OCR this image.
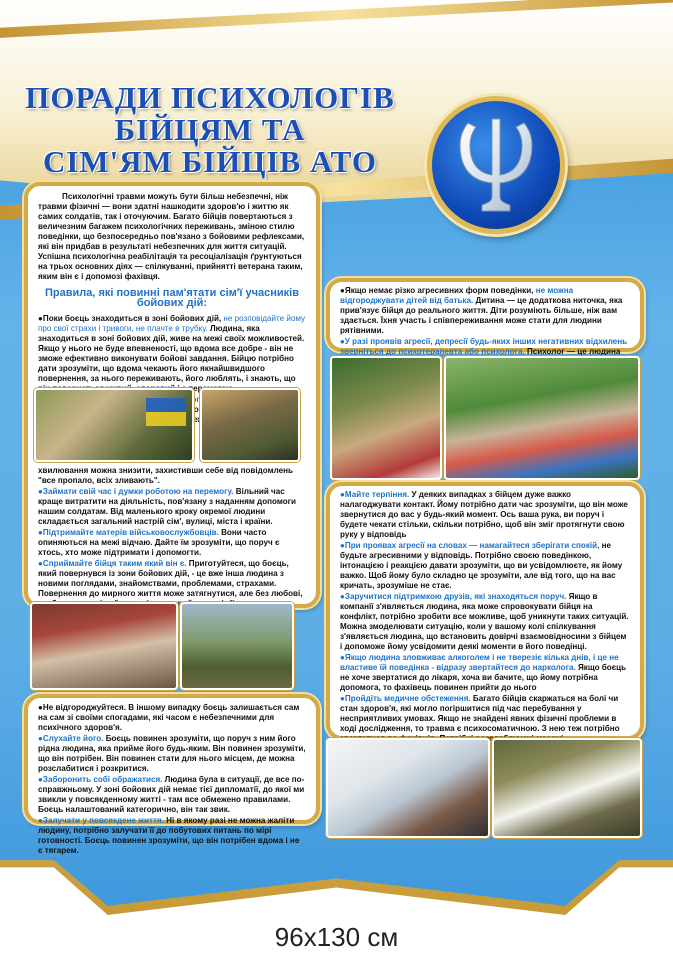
ПОРАДИ ПСИХОЛОГІВ
БІЙЦЯМ ТА
СІМ'ЯМ БІЙЦІВ АТО

Психологічні травми можуть бути більш небезпечні, ніж травми фізичні — вони здатні нашкодити здоров'ю і життю як самих солдатів, так і оточуючим. Багато бійців повертаються з величезним багажем психологічних переживань, зміною стилю поведінки, що безпосередньо пов'язано з бойовими рефлексами, які він придбав в результаті небезпечних для життя ситуацій. Успішна психологічна реабілітація та ресоціалізація ґрунтуються на трьох основних діях — спілкуванні, прийнятті ветерана таким, яким він є і допомозі фахівця.

Правила, які повинні пам'ятати сім'ї учасників бойових дій:

●Поки боєць знаходиться в зоні бойових дій, не розповідайте йому про свої страхи і тривоги, не плачте в трубку. Людина, яка знаходиться в зоні бойових дій, живе на межі своїх можливостей. Якщо у нього не буде впевненості, що вдома все добре - він не зможе ефективно виконувати бойові завдання. Бійцю потрібно дати зрозуміти, що вдома чекають його якнайшвидшого повернення, за нього переживають, його люблять, і знають, що

хвилювання можна знизити, захистивши себе від повідомлень "все пропало, всіх зливають".

●Займати свій час і думки роботою на перемогу. Вільний час краще витратити на діяльність, пов'язану з наданням допомоги нашим солдатам. Від маленького кроку окремої людини складається загальний настрій сім', вулиці, міста і країни.

●Підтримайте матерів військовослужбовців. Вони часто опиняються на межі відчаю. Дайте їм зрозуміти, що поруч є хтось, хто може підтримати і допомогти.

●Сприймайте бійця таким який він є. Приготуйтеся, що боєць, який повернувся із зони бойових дій, - це вже інша людина з новими поглядами, знайомствами, проблемами, страхами. Повернення до мирного життя може затягнутися, але без любові,

●Не відгороджуйтеся. В іншому випадку боєць залишається сам на сам зі своїми спогадами, які часом є небезпечними для психічного здоров'я.

●Слухайте його. Боєць повинен зрозуміти, що поруч з ним його рідна людина, яка прийме його будь-яким. Він повинен зрозуміти, що він потрібен. Він повинен стати для нього місцем, де можна розслабитися і розкритися.

●Заборонить собі ображатися. Людина була в ситуації, де все по-справжньому. У зоні бойових дій немає тієї дипломатії, до якої ми звикли у повсякденному житті - там все обмежено правилами. Боєць налаштований категорично, він так звик.

●Залучати у повсякдене життя. Ні в якому разі не можна жаліти людину, потрібно залучати її до побутових питань по мірі готовності. Боєць повинен зрозуміти, що він потрібен вдома і не є тягарем.

●Якщо немає різко агресивних форм поведінки, не можна відгороджувати дітей від батька. Дитина — це додаткова ниточка, яка прив'язує бійця до реального життя. Діти розуміють більше, ніж вам здається. Їхня участь і співпереживання може стати для людини рятівними.

●У разі проявів агресії, депресії будь-яких інших негативних відхилень зверніться до психотерапевта або психолога. Психолог — це людина

●Майте терпіння. У деяких випадках з бійцем дуже важко налагоджувати контакт. Йому потрібно дати час зрозуміти, що він може звернутися до вас у будь-який момент. Ось ваша рука, ви поруч і будете чекати стільки, скільки потрібно, щоб він зміг протягнути свою руку у відповідь

●При проявах агресії на словах — намагайтеся зберігати спокій, не будьте агресивними у відповідь. Потрібно своєю поведінкою, інтонацією і реакцією давати зрозуміти, що ви усвідомлюєте, як йому важко. Щоб йому було складно це зрозуміти, але від того, що на вас кричать, зрозуміше не стає.

●Заручитися підтримкою друзів, які знаходяться поруч. Якщо в компанії з'являється людина, яка може спровокувати бійця на конфлікт, потрібно зробити все можливе, щоб уникнути таких ситуацій. Можна змоделювати ситуацію, коли у вашому колі спілкування з'являється людина, що встановить довірчі взаємовідносини з бійцем і допоможе йому усвідомити деякі моменти в його поведінці.

●Якщо людина зловживає алкоголем і не тверезіє кілька днів, і це не властиве їй поведінка - відразу звертайтеся до нарколога. Якщо боєць не хоче звертатися до лікаря, хоча ви бачите, що йому потрібна допомога, то фахівець повинен прийти до нього

●Пройдіть медичне обстеження. Багато бійців скаржаться на болі чи стан здоров'я, які могло погіршитися під час перебування у несприятливих умовах. Якщо не знайдені явних фізичні проблеми в ході дослідження, то травма є психосоматичною. З нею теж потрібно

96x130 см
